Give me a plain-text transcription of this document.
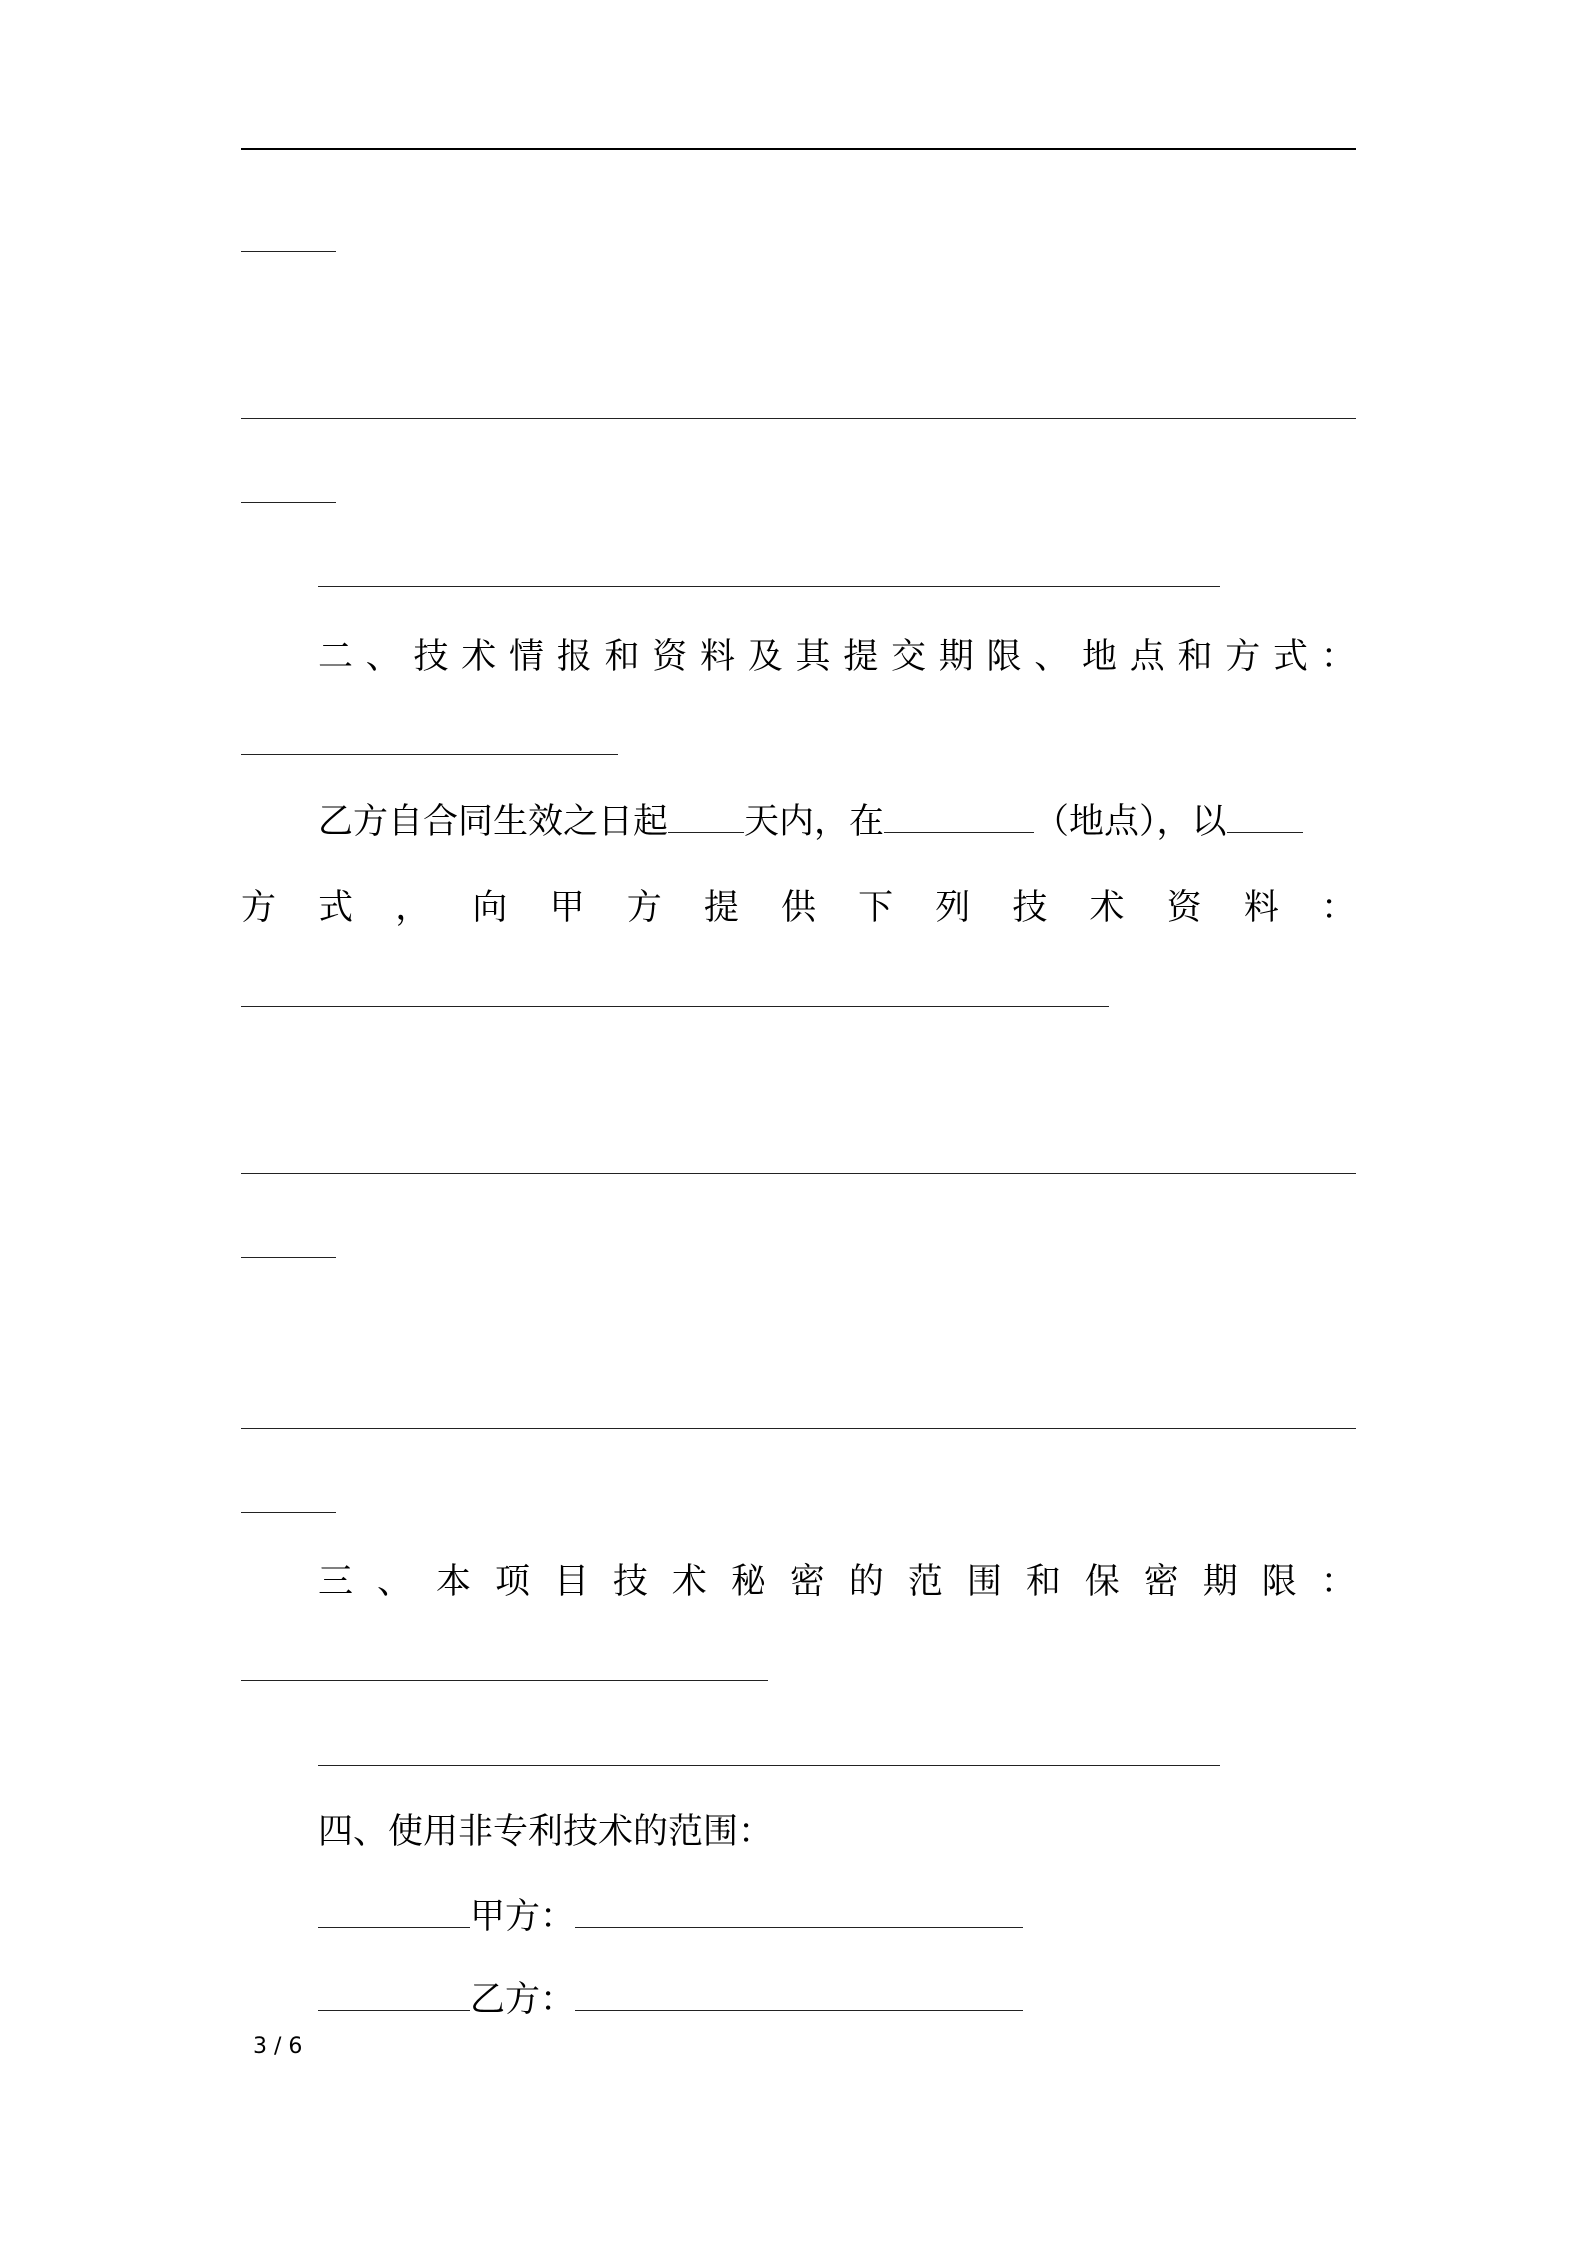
二 、 技 术 情 报 和 资 料 及 其 提 交 期 限 、 地 点 和 方 式 ：
乙方自合同生效之日起 天内，在	（地点），以
方 式 ， 向 甲 方 提 供 下 列 技 术 资 料 ：
三 、 本 项 目 技 术 秘 密 的 范 围 和 保 密 期 限 ：
四、使用非专利技术的范围：
甲方：
乙方：
3 / 6
